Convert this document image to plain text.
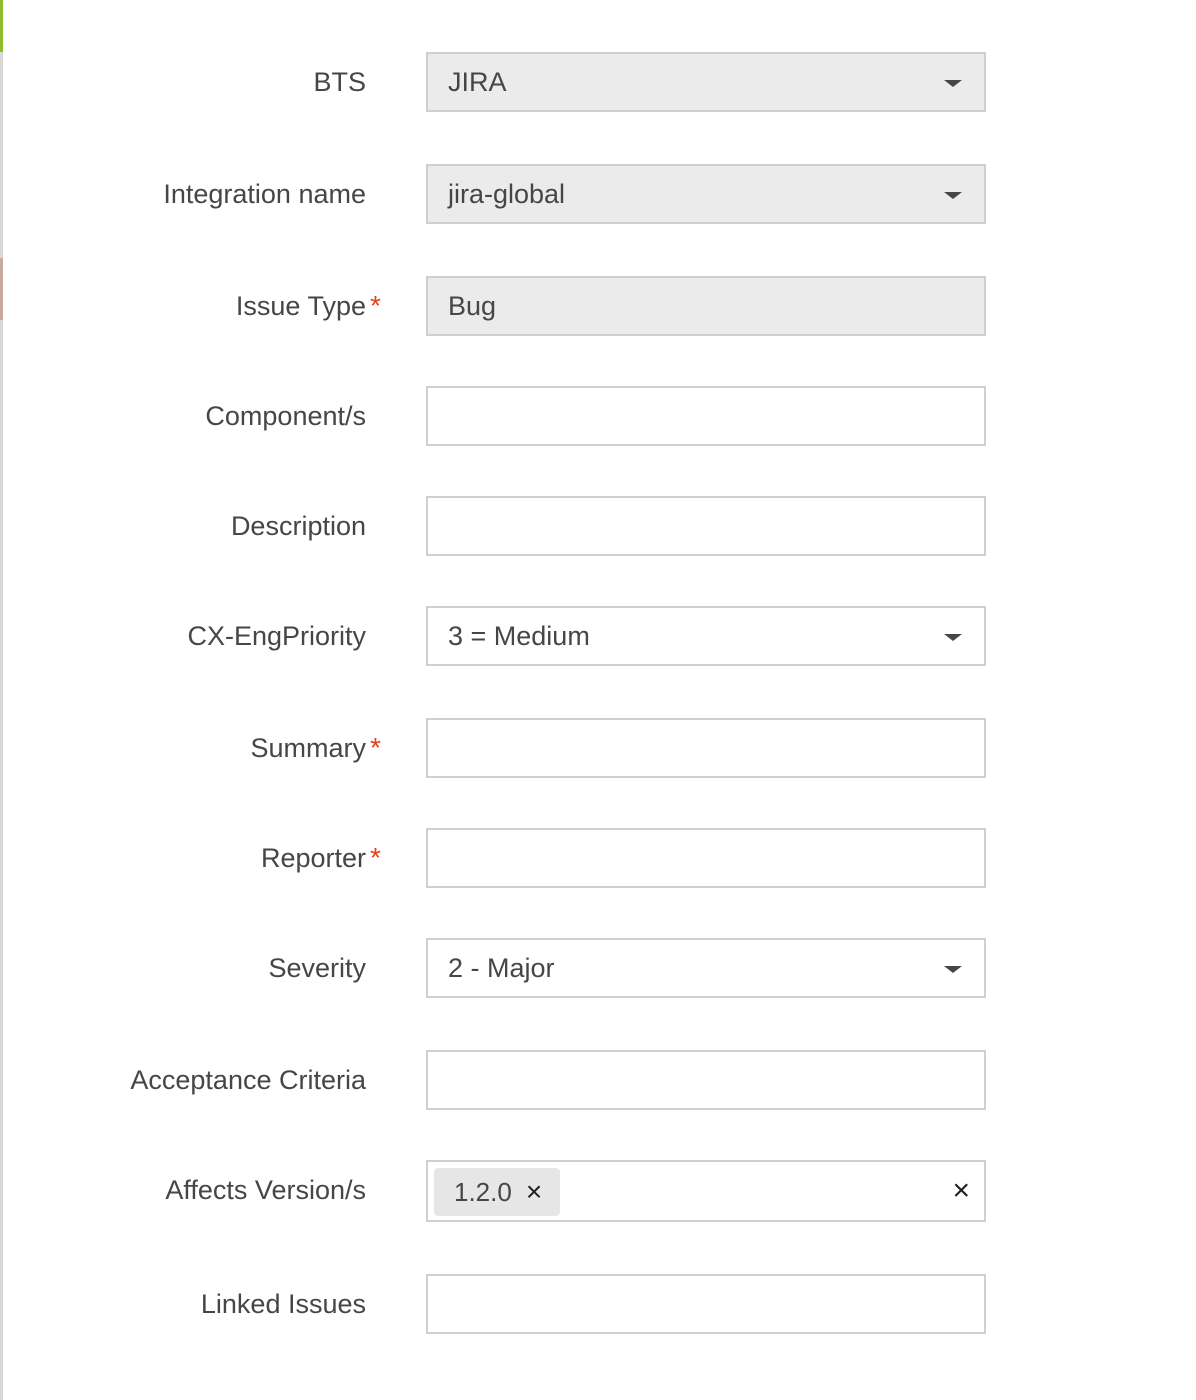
BTS	JIRA
Integration name	jira-global
Issue Type *	Bug
Component/s
Description
CX-EngPriority	3 = Medium
Summary *
Reporter *
Severity	2 - Major
Acceptance Criteria
Affects Version/s	1.2.0 ×	×
Linked Issues
